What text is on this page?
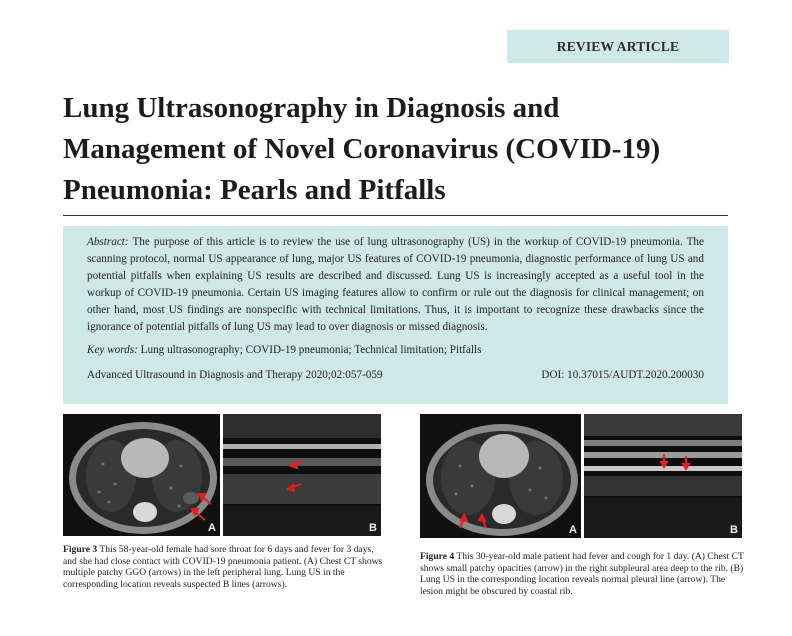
REVIEW ARTICLE
Lung Ultrasonography in Diagnosis and
Management of Novel Coronavirus (COVID-19)
Pneumonia: Pearls and Pitfalls
Abstract: The purpose of this article is to review the use of lung ultrasonography (US) in the workup of COVID-19 pneumonia. The scanning protocol, normal US appearance of lung, major US features of COVID-19 pneumonia, diagnostic performance of lung US and potential pitfalls when explaining US results are described and discussed. Lung US is increasingly accepted as a useful tool in the workup of COVID-19 pneumonia. Certain US imaging features allow to confirm or rule out the diagnosis for clinical management; on other hand, most US findings are nonspecific with technical limitations. Thus, it is important to recognize these drawbacks since the ignorance of potential pitfalls of lung US may lead to over diagnosis or missed diagnosis.
Key words: Lung ultrasonography; COVID-19 pneumonia; Technical limitation; Pitfalls
Advanced Ultrasound in Diagnosis and Therapy 2020;02:057-059	DOI: 10.37015/AUDT.2020.200030
A	B
Figure 3 This 58-year-old female had sore throat for 6 days and fever for 3 days, and she had close contact with COVID-19 pneumonia patient. (A) Chest CT shows multiple patchy GGO (arrows) in the left peripheral lung. Lung US in the corresponding location reveals suspected B lines (arrows).
A	B
Figure 4 This 30-year-old male patient had fever and cough for 1 day. (A) Chest CT shows small patchy opacities (arrow) in the right subpleural area deep to the rib. (B) Lung US in the corresponding location reveals normal pleural line (arrow). The lesion might be obscured by coastal rib.
